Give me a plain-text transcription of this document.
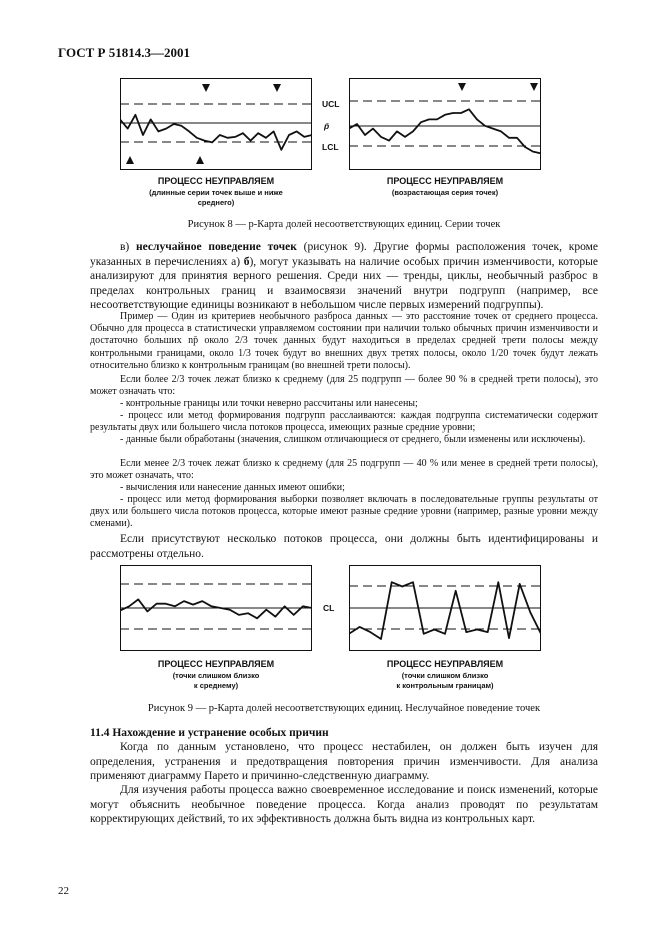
ГОСТ Р 51814.3—2001
UCL
p̄
LCL
ПРОЦЕСС НЕУПРАВЛЯЕМ
(длинные серии точек выше и ниже
среднего)
ПРОЦЕСС НЕУПРАВЛЯЕМ
(возрастающая серия точек)
Рисунок 8 — p-Карта долей несоответствующих единиц. Серии точек
в) неслучайное поведение точек (рисунок 9). Другие формы расположения точек, кроме указанных в перечислениях а) б), могут указывать на наличие особых причин изменчивости, которые анализируют для принятия верного решения. Среди них — тренды, циклы, необычный разброс в пределах контрольных границ и взаимосвязи значений внутри подгрупп (например, все несоответствующие единицы возникают в небольшом числе первых измерений подгруппы).
Пример — Один из критериев необычного разброса данных — это расстояние точек от среднего процесса. Обычно для процесса в статистически управляемом состоянии при наличии только обычных причин изменчивости и достаточно больших np̄ около 2/3 точек данных будут находиться в пределах средней трети полосы между контрольными границами, около 1/3 точек будут во внешних двух третях полосы, около 1/20 точек будут лежать относительно близко к контрольным границам (во внешней трети полосы).
Если более 2/3 точек лежат близко к среднему (для 25 подгрупп — более 90 % в средней трети полосы), это может означать что:
- контрольные границы или точки неверно рассчитаны или нанесены;
- процесс или метод формирования подгрупп расслаиваются: каждая подгруппа систематически содержит результаты двух или большего числа потоков процесса, имеющих разные средние уровни;
- данные были обработаны (значения, слишком отличающиеся от среднего, были изменены или исключены).
Если менее 2/3 точек лежат близко к среднему (для 25 подгрупп — 40 % или менее в средней трети полосы), это может означать, что:
- вычисления или нанесение данных имеют ошибки;
- процесс или метод формирования выборки позволяет включать в последовательные группы результаты от двух или большего числа потоков процесса, которые имеют разные средние уровни (например, разные уровни между сменами).
Если присутствуют несколько потоков процесса, они должны быть идентифицированы и рассмотрены отдельно.
CL
ПРОЦЕСС НЕУПРАВЛЯЕМ
(точки слишком близко
к среднему)
ПРОЦЕСС НЕУПРАВЛЯЕМ
(точки слишком близко
к контрольным границам)
Рисунок 9 — p-Карта долей несоответствующих единиц. Неслучайное поведение точек
11.4 Нахождение и устранение особых причин
Когда по данным установлено, что процесс нестабилен, он должен быть изучен для определения, устранения и предотвращения повторения причин изменчивости. Для анализа применяют диаграмму Парето и причинно-следственную диаграмму.
Для изучения работы процесса важно своевременное исследование и поиск изменений, которые могут объяснить необычное поведение процесса. Когда анализ проводят по результатам корректирующих действий, то их эффективность должна быть видна из контрольных карт.
22
